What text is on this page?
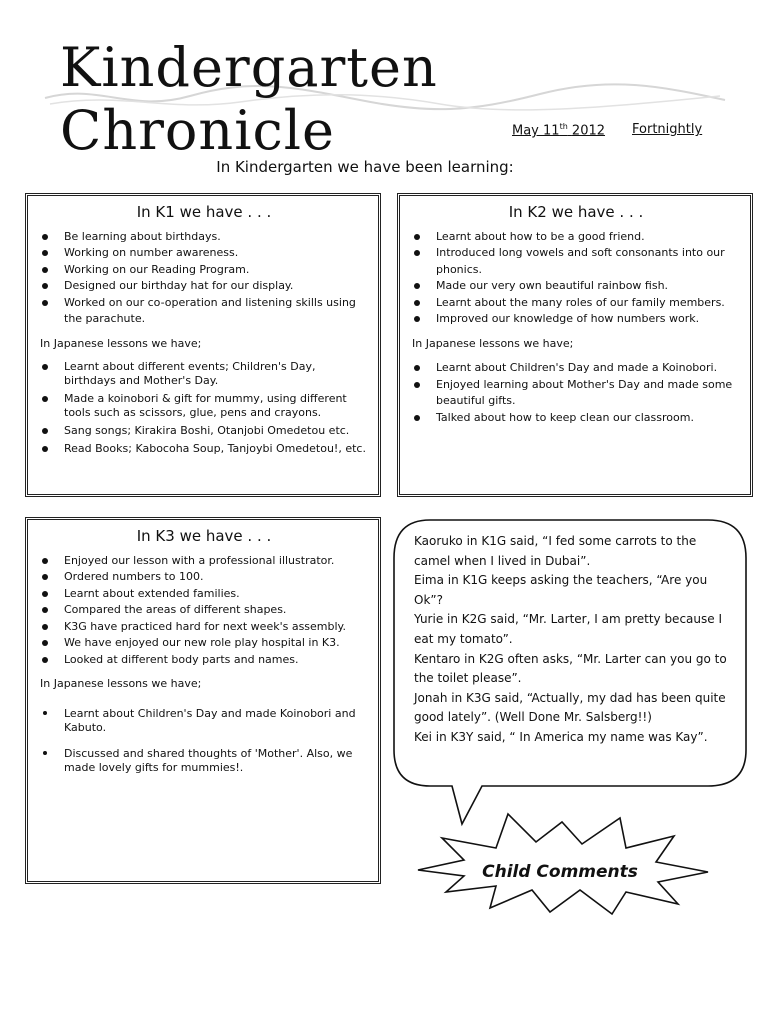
Kindergarten Chronicle	May 11th 2012 Fortnightly
In Kindergarten we have been learning:
In K1 we have . . .
Be learning about birthdays.
Working on number awareness.
Working on our Reading Program.
Designed our birthday hat for our display.
Worked on our co-operation and listening skills using the parachute.
In Japanese lessons we have;
Learnt about different events; Children's Day, birthdays and Mother's Day.
Made a koinobori & gift for mummy, using different tools such as scissors, glue, pens and crayons.
Sang songs; Kirakira Boshi, Otanjobi Omedetou etc.
Read Books; Kabocoha Soup, Tanjoybi Omedetou!, etc.
In K2 we have . . .
Learnt about how to be a good friend.
Introduced long vowels and soft consonants into our phonics.
Made our very own beautiful rainbow fish.
Learnt about the many roles of our family members.
Improved our knowledge of how numbers work.
In Japanese lessons we have;
Learnt about Children's Day and made a Koinobori.
Enjoyed learning about Mother's Day and made some beautiful gifts.
Talked about how to keep clean our classroom.
In K3 we have . . .
Enjoyed our lesson with a professional illustrator.
Ordered numbers to 100.
Learnt about extended families.
Compared the areas of different shapes.
K3G have practiced hard for next week's assembly.
We have enjoyed our new role play hospital in K3.
Looked at different body parts and names.
In Japanese lessons we have;
Learnt about Children's Day and made Koinobori and Kabuto.
Discussed and shared thoughts of 'Mother'. Also, we made lovely gifts for mummies!.
Kaoruko in K1G said, “I fed some carrots to the camel when I lived in Dubai”.
Eima in K1G keeps asking the teachers, “Are you Ok”?
Yurie in K2G said, “Mr. Larter, I am pretty because I eat my tomato”.
Kentaro in K2G often asks, “Mr. Larter can you go to the toilet please”.
Jonah in K3G said, “Actually, my dad has been quite good lately”. (Well Done Mr. Salsberg!!)
Kei in K3Y said, “ In America my name was Kay”.
Child Comments
